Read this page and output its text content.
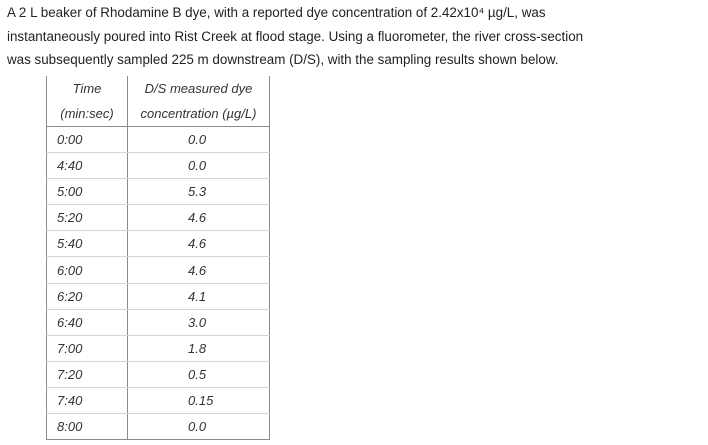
A 2 L beaker of Rhodamine B dye, with a reported dye concentration of 2.42x10⁴ µg/L, was
instantaneously poured into Rist Creek at flood stage. Using a fluorometer, the river cross-section
was subsequently sampled 225 m downstream (D/S), with the sampling results shown below.
Time	D/S measured dye
(min:sec)	concentration (µg/L)
0:00	0.0
4:40	0.0
5:00	5.3
5:20	4.6
5:40	4.6
6:00	4.6
6:20	4.1
6:40	3.0
7:00	1.8
7:20	0.5
7:40	0.15
8:00	0.0
